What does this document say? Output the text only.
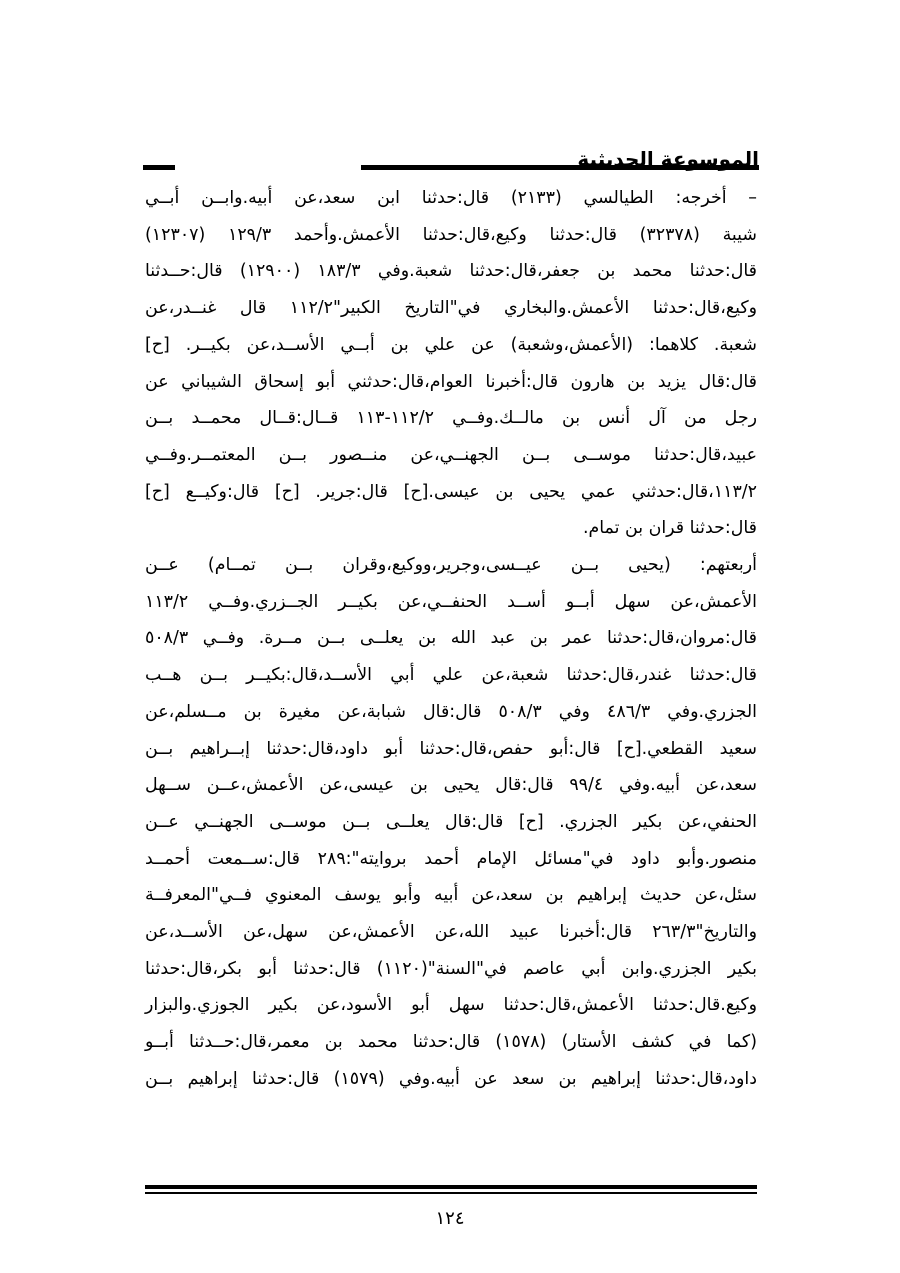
الموسوعة الحديثية

– أخرجه: الطيالسي (٢١٣٣) قال:حدثنا ابن سعد،عن أبيه.وابــن أبــي
شيبة (٣٢٣٧٨) قال:حدثنا وكيع،قال:حدثنا الأعمش.وأحمد ١٢٩/٣ (١٢٣٠٧)
قال:حدثنا محمد بن جعفر،قال:حدثنا شعبة.وفي ١٨٣/٣ (١٢٩٠٠) قال:حــدثنا
وكيع،قال:حدثنا الأعمش.والبخاري في"التاريخ الكبير"١١٢/٢ قال غنــدر،عن
شعبة. كلاهما: (الأعمش،وشعبة) عن علي بن أبــي الأســد،عن بكيــر. [ح]
قال:قال يزيد بن هارون قال:أخبرنا العوام،قال:حدثني أبو إسحاق الشيباني عن
رجل من آل أنس بن مالــك.وفــي ١١٢/٢-١١٣ قــال:قــال محمــد بــن
عبيد،قال:حدثنا موســى بــن الجهنــي،عن منــصور بــن المعتمــر.وفــي
١١٣/٢،قال:حدثني عمي يحيى بن عيسى.[ح] قال:جرير. [ح] قال:وكيــع [ح]
قال:حدثنا قران بن تمام.

أربعتهم: (يحيى بــن عيــسى،وجرير،ووكيع،وقران بــن تمــام) عــن
الأعمش،عن سهل أبــو أســد الحنفــي،عن بكيــر الجــزري.وفــي ١١٣/٢
قال:مروان،قال:حدثنا عمر بن عبد الله بن يعلــى بــن مــرة. وفــي ٥٠٨/٣
قال:حدثنا غندر،قال:حدثنا شعبة،عن علي أبي الأســد،قال:بكيــر بــن هــب
الجزري.وفي ٤٨٦/٣ وفي ٥٠٨/٣ قال:قال شبابة،عن مغيرة بن مــسلم،عن
سعيد القطعي.[ح] قال:أبو حفص،قال:حدثنا أبو داود،قال:حدثنا إبــراهيم بــن
سعد،عن أبيه.وفي ٩٩/٤ قال:قال يحيى بن عيسى،عن الأعمش،عــن ســهل
الحنفي،عن بكير الجزري. [ح] قال:قال يعلــى بــن موســى الجهنــي عــن
منصور.وأبو داود في"مسائل الإمام أحمد بروايته":٢٨٩ قال:ســمعت أحمــد
سئل،عن حديث إبراهيم بن سعد،عن أبيه وأبو يوسف المعنوي فــي"المعرفــة
والتاريخ"٢٦٣/٣ قال:أخبرنا عبيد الله،عن الأعمش،عن سهل،عن الأســد،عن
بكير الجزري.وابن أبي عاصم في"السنة"(١١٢٠) قال:حدثنا أبو بكر،قال:حدثنا
وكيع.قال:حدثنا الأعمش،قال:حدثنا سهل أبو الأسود،عن بكير الجوزي.والبزار
(كما في كشف الأستار) (١٥٧٨) قال:حدثنا محمد بن معمر،قال:حــدثنا أبــو
داود،قال:حدثنا إبراهيم بن سعد عن أبيه.وفي (١٥٧٩) قال:حدثنا إبراهيم بــن

١٢٤
